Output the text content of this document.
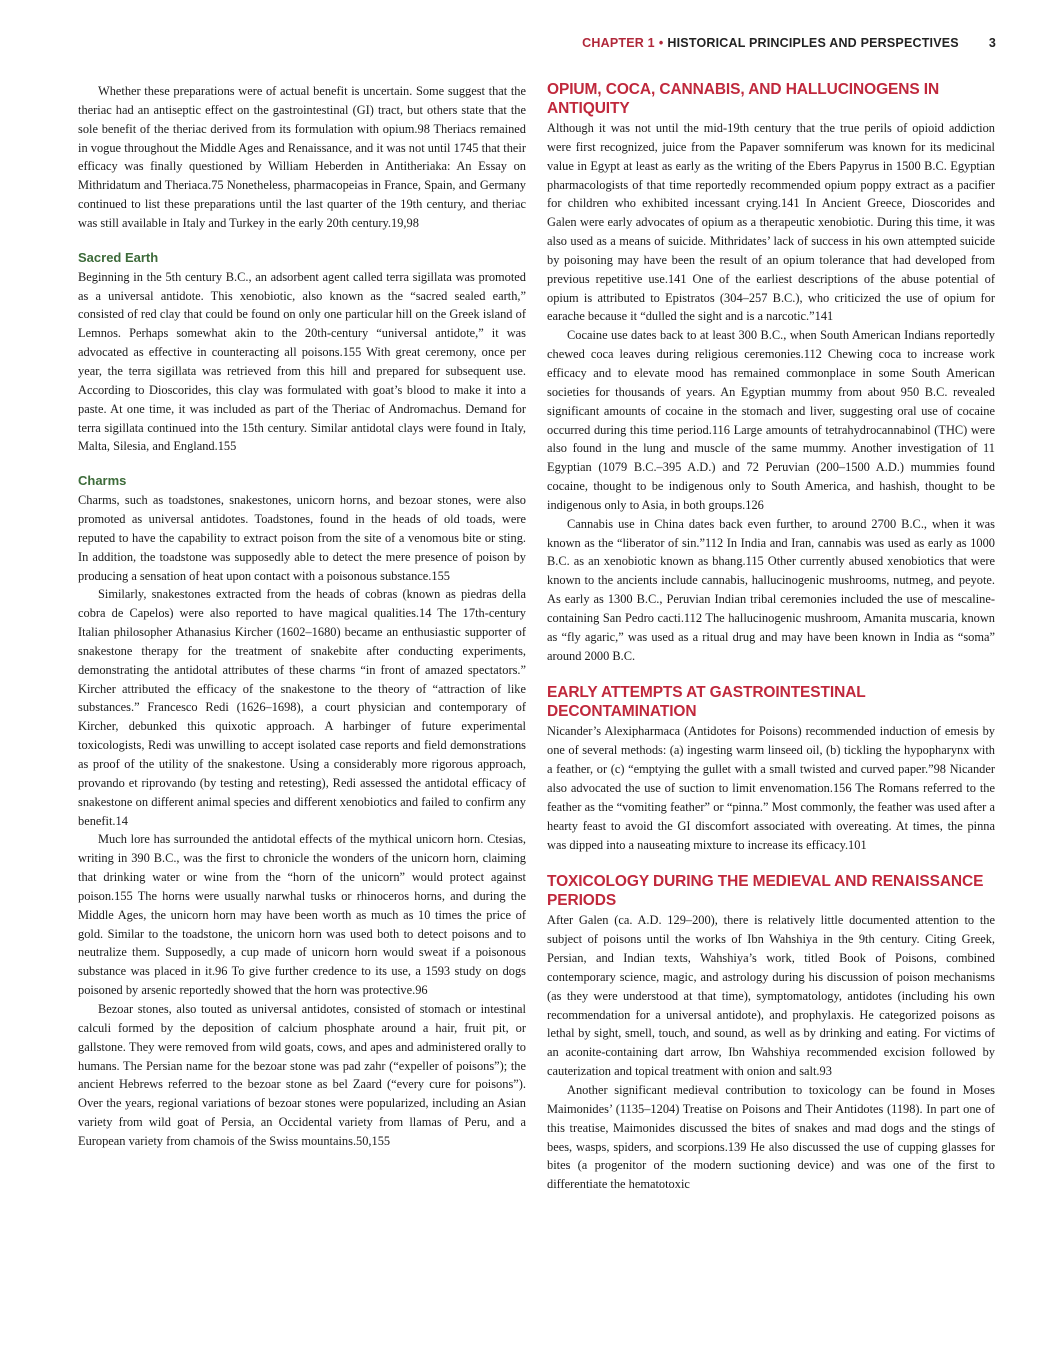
CHAPTER 1 • HISTORICAL PRINCIPLES AND PERSPECTIVES 3

Whether these preparations were of actual benefit is uncertain. Some suggest that the theriac had an antiseptic effect on the gastrointestinal (GI) tract, but others state that the sole benefit of the theriac derived from its formulation with opium.98 Theriacs remained in vogue throughout the Middle Ages and Renaissance, and it was not until 1745 that their efficacy was finally questioned by William Heberden in Antitheriaka: An Essay on Mithridatum and Theriaca.75 Nonetheless, pharmacopeias in France, Spain, and Germany continued to list these preparations until the last quarter of the 19th century, and theriac was still available in Italy and Turkey in the early 20th century.19,98

Sacred Earth

Beginning in the 5th century B.C., an adsorbent agent called terra sigillata was promoted as a universal antidote. This xenobiotic, also known as the “sacred sealed earth,” consisted of red clay that could be found on only one particular hill on the Greek island of Lemnos. Perhaps somewhat akin to the 20th-century “universal antidote,” it was advocated as effective in counteracting all poisons.155 With great ceremony, once per year, the terra sigillata was retrieved from this hill and prepared for subsequent use. According to Dioscorides, this clay was formulated with goat’s blood to make it into a paste. At one time, it was included as part of the Theriac of Andromachus. Demand for terra sigillata continued into the 15th century. Similar antidotal clays were found in Italy, Malta, Silesia, and England.155

Charms

Charms, such as toadstones, snakestones, unicorn horns, and bezoar stones, were also promoted as universal antidotes. Toadstones, found in the heads of old toads, were reputed to have the capability to extract poison from the site of a venomous bite or sting. In addition, the toadstone was supposedly able to detect the mere presence of poison by producing a sensation of heat upon contact with a poisonous substance.155

Similarly, snakestones extracted from the heads of cobras (known as piedras della cobra de Capelos) were also reported to have magical qualities.14 The 17th-century Italian philosopher Athanasius Kircher (1602–1680) became an enthusiastic supporter of snakestone therapy for the treatment of snakebite after conducting experiments, demonstrating the antidotal attributes of these charms “in front of amazed spectators.” Kircher attributed the efficacy of the snakestone to the theory of “attraction of like substances.” Francesco Redi (1626–1698), a court physician and contemporary of Kircher, debunked this quixotic approach. A harbinger of future experimental toxicologists, Redi was unwilling to accept isolated case reports and field demonstrations as proof of the utility of the snakestone. Using a considerably more rigorous approach, provando et riprovando (by testing and retesting), Redi assessed the antidotal efficacy of snakestone on different animal species and different xenobiotics and failed to confirm any benefit.14

Much lore has surrounded the antidotal effects of the mythical unicorn horn. Ctesias, writing in 390 B.C., was the first to chronicle the wonders of the unicorn horn, claiming that drinking water or wine from the “horn of the unicorn” would protect against poison.155 The horns were usually narwhal tusks or rhinoceros horns, and during the Middle Ages, the unicorn horn may have been worth as much as 10 times the price of gold. Similar to the toadstone, the unicorn horn was used both to detect poisons and to neutralize them. Supposedly, a cup made of unicorn horn would sweat if a poisonous substance was placed in it.96 To give further credence to its use, a 1593 study on dogs poisoned by arsenic reportedly showed that the horn was protective.96

Bezoar stones, also touted as universal antidotes, consisted of stomach or intestinal calculi formed by the deposition of calcium phosphate around a hair, fruit pit, or gallstone. They were removed from wild goats, cows, and apes and administered orally to humans. The Persian name for the bezoar stone was pad zahr (“expeller of poisons”); the ancient Hebrews referred to the bezoar stone as bel Zaard (“every cure for poisons”). Over the years, regional variations of bezoar stones were popularized, including an Asian variety from wild goat of Persia, an Occidental variety from llamas of Peru, and a European variety from chamois of the Swiss mountains.50,155

OPIUM, COCA, CANNABIS, AND HALLUCINOGENS IN ANTIQUITY

Although it was not until the mid-19th century that the true perils of opioid addiction were first recognized, juice from the Papaver somniferum was known for its medicinal value in Egypt at least as early as the writing of the Ebers Papyrus in 1500 B.C. Egyptian pharmacologists of that time reportedly recommended opium poppy extract as a pacifier for children who exhibited incessant crying.141 In Ancient Greece, Dioscorides and Galen were early advocates of opium as a therapeutic xenobiotic. During this time, it was also used as a means of suicide. Mithridates’ lack of success in his own attempted suicide by poisoning may have been the result of an opium tolerance that had developed from previous repetitive use.141 One of the earliest descriptions of the abuse potential of opium is attributed to Epistratos (304–257 B.C.), who criticized the use of opium for earache because it “dulled the sight and is a narcotic.”141

Cocaine use dates back to at least 300 B.C., when South American Indians reportedly chewed coca leaves during religious ceremonies.112 Chewing coca to increase work efficacy and to elevate mood has remained commonplace in some South American societies for thousands of years. An Egyptian mummy from about 950 B.C. revealed significant amounts of cocaine in the stomach and liver, suggesting oral use of cocaine occurred during this time period.116 Large amounts of tetrahydrocannabinol (THC) were also found in the lung and muscle of the same mummy. Another investigation of 11 Egyptian (1079 B.C.–395 A.D.) and 72 Peruvian (200–1500 A.D.) mummies found cocaine, thought to be indigenous only to South America, and hashish, thought to be indigenous only to Asia, in both groups.126

Cannabis use in China dates back even further, to around 2700 B.C., when it was known as the “liberator of sin.”112 In India and Iran, cannabis was used as early as 1000 B.C. as an xenobiotic known as bhang.115 Other currently abused xenobiotics that were known to the ancients include cannabis, hallucinogenic mushrooms, nutmeg, and peyote. As early as 1300 B.C., Peruvian Indian tribal ceremonies included the use of mescaline-containing San Pedro cacti.112 The hallucinogenic mushroom, Amanita muscaria, known as “fly agaric,” was used as a ritual drug and may have been known in India as “soma” around 2000 B.C.

EARLY ATTEMPTS AT GASTROINTESTINAL DECONTAMINATION

Nicander’s Alexipharmaca (Antidotes for Poisons) recommended induction of emesis by one of several methods: (a) ingesting warm linseed oil, (b) tickling the hypopharynx with a feather, or (c) “emptying the gullet with a small twisted and curved paper.”98 Nicander also advocated the use of suction to limit envenomation.156 The Romans referred to the feather as the “vomiting feather” or “pinna.” Most commonly, the feather was used after a hearty feast to avoid the GI discomfort associated with overeating. At times, the pinna was dipped into a nauseating mixture to increase its efficacy.101

TOXICOLOGY DURING THE MEDIEVAL AND RENAISSANCE
PERIODS

After Galen (ca. A.D. 129–200), there is relatively little documented attention to the subject of poisons until the works of Ibn Wahshiya in the 9th century. Citing Greek, Persian, and Indian texts, Wahshiya’s work, titled Book of Poisons, combined contemporary science, magic, and astrology during his discussion of poison mechanisms (as they were understood at that time), symptomatology, antidotes (including his own recommendation for a universal antidote), and prophylaxis. He categorized poisons as lethal by sight, smell, touch, and sound, as well as by drinking and eating. For victims of an aconite-containing dart arrow, Ibn Wahshiya recommended excision followed by cauterization and topical treatment with onion and salt.93

Another significant medieval contribution to toxicology can be found in Moses Maimonides’ (1135–1204) Treatise on Poisons and Their Antidotes (1198). In part one of this treatise, Maimonides discussed the bites of snakes and mad dogs and the stings of bees, wasps, spiders, and scorpions.139 He also discussed the use of cupping glasses for bites (a progenitor of the modern suctioning device) and was one of the first to differentiate the hematotoxic
